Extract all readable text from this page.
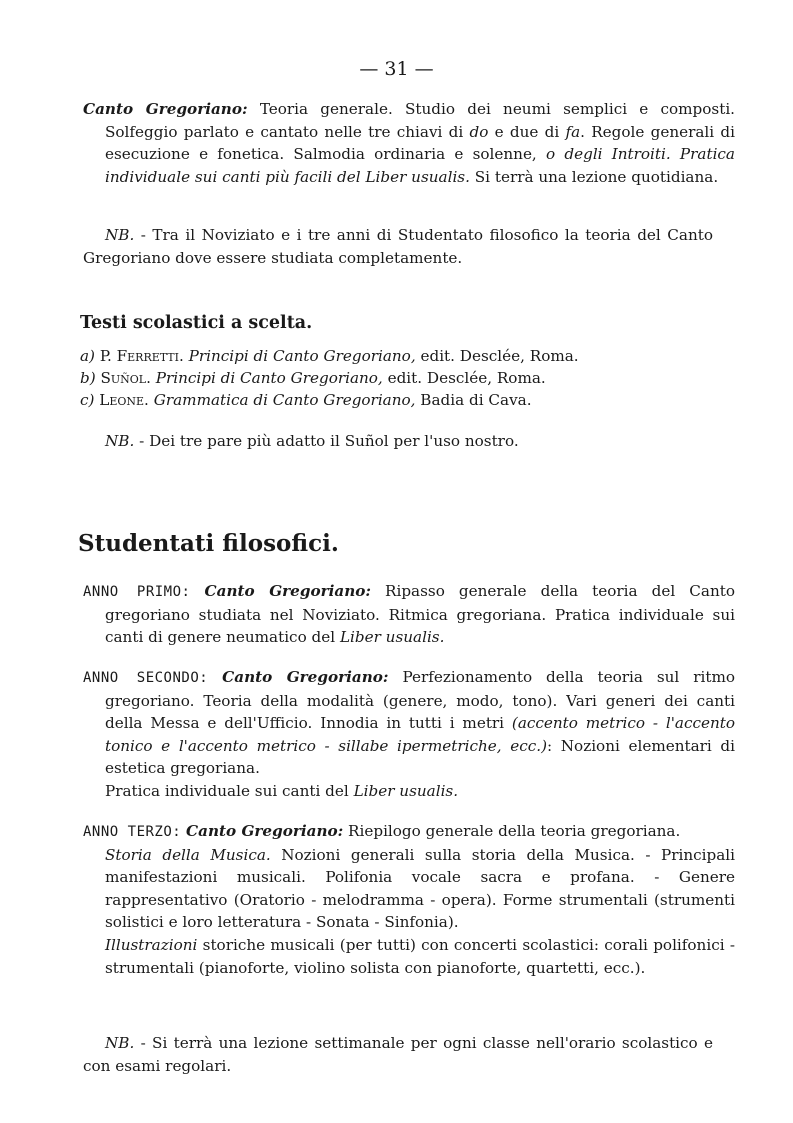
— 31 —

Canto Gregoriano: Teoria generale. Studio dei neumi semplici e composti. Solfeggio parlato e cantato nelle tre chiavi di do e due di fa. Regole generali di esecuzione e fonetica. Salmodia ordinaria e solenne, o degli Introiti. Pratica individuale sui canti più facili del Liber usualis. Si terrà una lezione quotidiana.

NB. - Tra il Noviziato e i tre anni di Studentato filosofico la teoria del Canto Gregoriano dove essere studiata completamente.

Testi scolastici a scelta.
a) P. Ferretti. Principi di Canto Gregoriano, edit. Desclée, Roma.
b) Suñol. Principi di Canto Gregoriano, edit. Desclée, Roma.
c) Leone. Grammatica di Canto Gregoriano, Badia di Cava.

NB. - Dei tre pare più adatto il Suñol per l'uso nostro.

Studentati filosofici.

ANNO PRIMO: Canto Gregoriano: Ripasso generale della teoria del Canto gregoriano studiata nel Noviziato. Ritmica gregoriana. Pratica individuale sui canti di genere neumatico del Liber usualis.

ANNO SECONDO: Canto Gregoriano: Perfezionamento della teoria sul ritmo gregoriano. Teoria della modalità (genere, modo, tono). Vari generi dei canti della Messa e dell'Ufficio. Innodia in tutti i metri (accento metrico - l'accento tonico e l'accento metrico - sillabe ipermetriche, ecc.): Nozioni elementari di estetica gregoriana.
Pratica individuale sui canti del Liber usualis.

ANNO TERZO: Canto Gregoriano: Riepilogo generale della teoria gregoriana.
Storia della Musica. Nozioni generali sulla storia della Musica. - Principali manifestazioni musicali. Polifonia vocale sacra e profana. - Genere rappresentativo (Oratorio - melodramma - opera). Forme strumentali (strumenti solistici e loro letteratura - Sonata - Sinfonia).
Illustrazioni storiche musicali (per tutti) con concerti scolastici: corali polifonici - strumentali (pianoforte, violino solista con pianoforte, quartetti, ecc.).

NB. - Si terrà una lezione settimanale per ogni classe nell'orario scolastico e con esami regolari.
